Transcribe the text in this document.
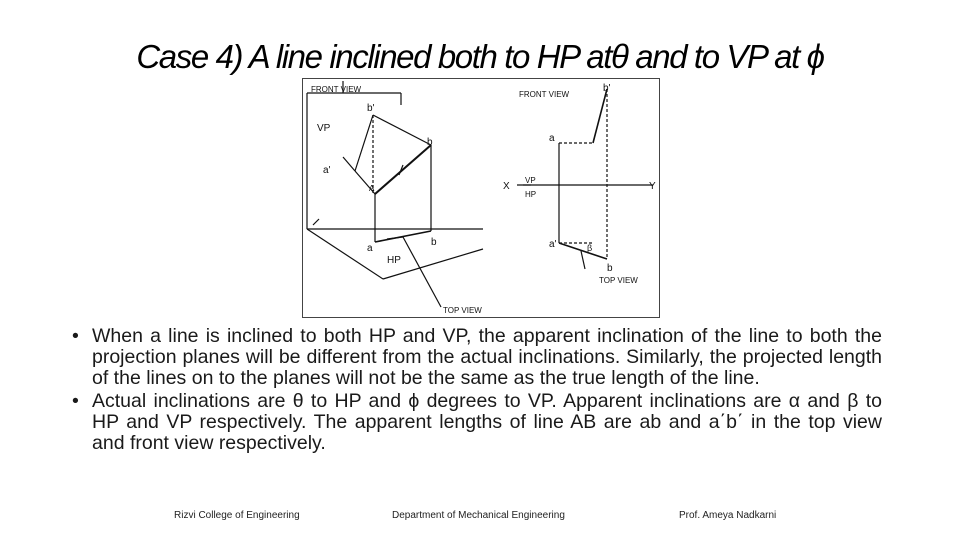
Case 4) A line inclined both to HP atθ and to VP at ϕ
FRONT VIEW
VP
HP
TOP VIEW
b'
a'
a
b
b
A
FRONT VIEW
b'
a
X	Y
VP
HP
a'	β
b
TOP VIEW
• When a line is inclined to both HP and VP, the apparent inclination of the line to both the projection planes will be different from the actual inclinations. Similarly, the projected length of the lines on to the planes will not be the same as the true length of the line.
• Actual inclinations are θ to HP and ϕ degrees to VP. Apparent inclinations are α and β to HP and VP respectively. The apparent lengths of line AB are ab and a΄b΄ in the top view and front view respectively.
Rizvi College of Engineering	Department of Mechanical Engineering	Prof. Ameya Nadkarni
